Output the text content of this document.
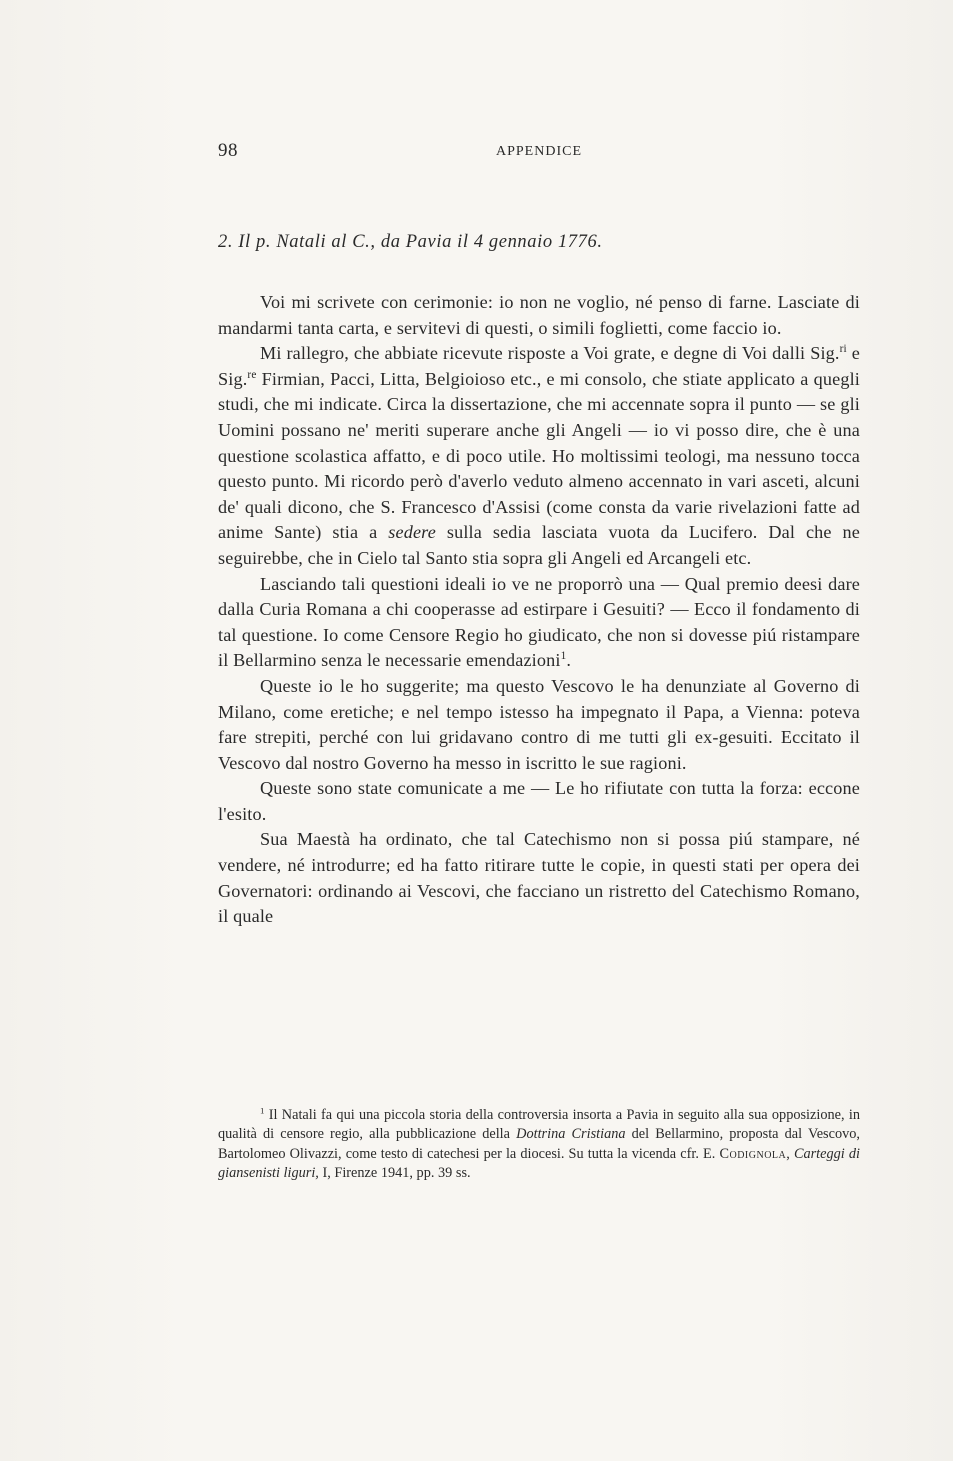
98	APPENDICE
2. Il p. Natali al C., da Pavia il 4 gennaio 1776.

Voi mi scrivete con cerimonie: io non ne voglio, né penso di farne. Lasciate di mandarmi tanta carta, e servitevi di questi, o simili foglietti, come faccio io.

Mi rallegro, che abbiate ricevute risposte a Voi grate, e degne di Voi dalli Sig.$^{ri}$ e Sig.$^{re}$ Firmian, Pacci, Litta, Belgioioso etc., e mi consolo, che stiate applicato a quegli studi, che mi indicate. Circa la dissertazione, che mi accennate sopra il punto — se gli Uomini possano ne' meriti superare anche gli Angeli — io vi posso dire, che è una questione scolastica affatto, e di poco utile. Ho moltissimi teologi, ma nessuno tocca questo punto. Mi ricordo però d'averlo veduto almeno accennato in vari asceti, alcuni de' quali dicono, che S. Francesco d'Assisi (come consta da varie rivelazioni fatte ad anime Sante) stia a sedere sulla sedia lasciata vuota da Lucifero. Dal che ne seguirebbe, che in Cielo tal Santo stia sopra gli Angeli ed Arcangeli etc.

Lasciando tali questioni ideali io ve ne proporrò una — Qual premio deesi dare dalla Curia Romana a chi cooperasse ad estirpare i Gesuiti? — Ecco il fondamento di tal questione. Io come Censore Regio ho giudicato, che non si dovesse piú ristampare il Bellarmino senza le necessarie emendazioni$^1$.

Queste io le ho suggerite; ma questo Vescovo le ha denunziate al Governo di Milano, come eretiche; e nel tempo istesso ha impegnato il Papa, a Vienna: poteva fare strepiti, perché con lui gridavano contro di me tutti gli ex-gesuiti. Eccitato il Vescovo dal nostro Governo ha messo in iscritto le sue ragioni.

Queste sono state comunicate a me — Le ho rifiutate con tutta la forza: eccone l'esito.

Sua Maestà ha ordinato, che tal Catechismo non si possa piú stampare, né vendere, né introdurre; ed ha fatto ritirare tutte le copie, in questi stati per opera dei Governatori: ordinando ai Vescovi, che facciano un ristretto del Catechismo Romano, il quale

$^1$ Il Natali fa qui una piccola storia della controversia insorta a Pavia in seguito alla sua opposizione, in qualità di censore regio, alla pubblicazione della Dottrina Cristiana del Bellarmino, proposta dal Vescovo, Bartolomeo Olivazzi, come testo di catechesi per la diocesi. Su tutta la vicenda cfr. E. Codignola, Carteggi di giansenisti liguri, I, Firenze 1941, pp. 39 ss.
